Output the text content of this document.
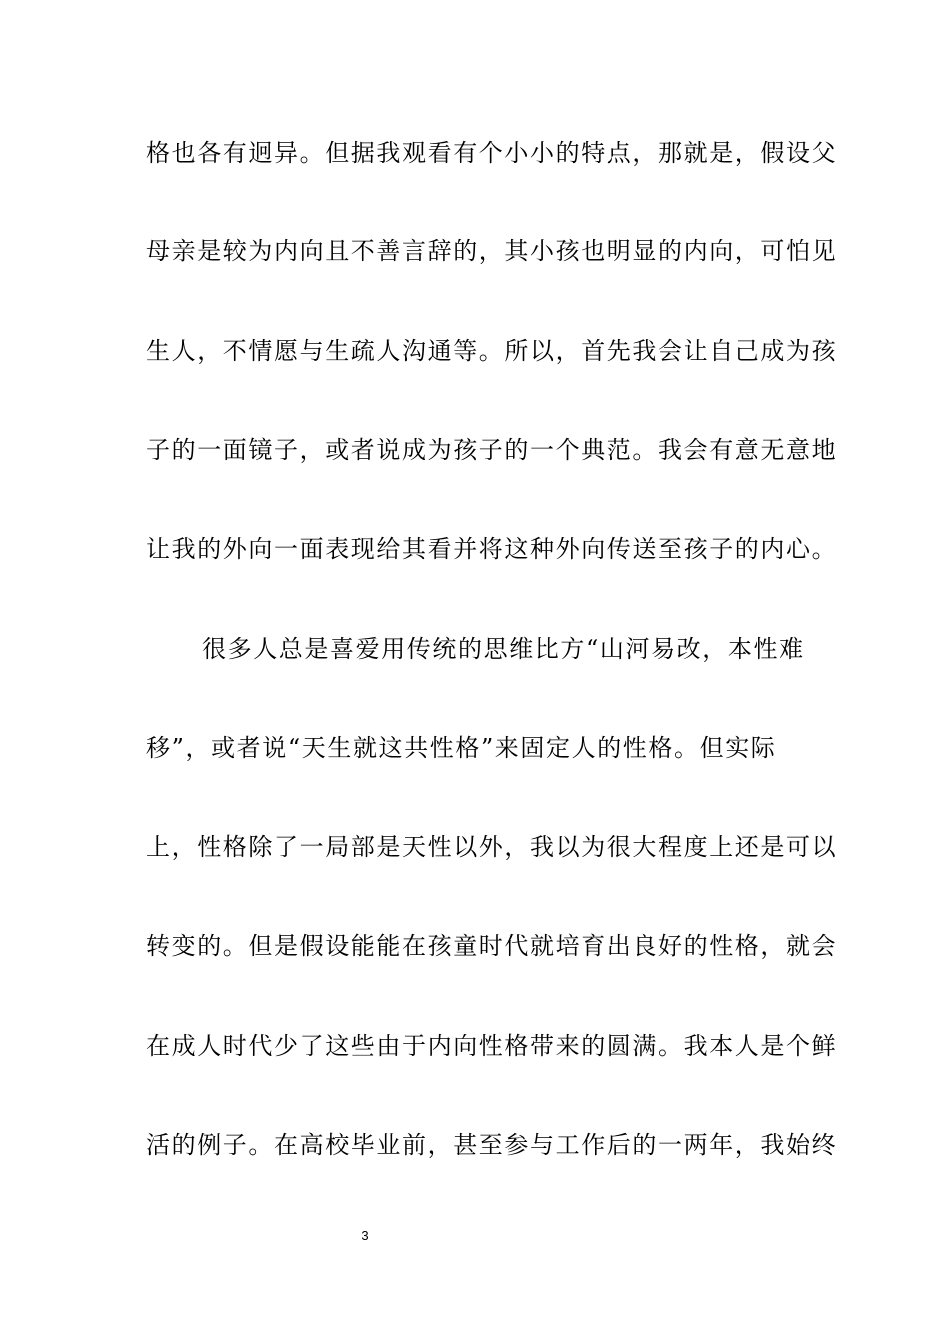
格也各有迥异。但据我观看有个小小的特点，那就是，假设父
母亲是较为内向且不善言辞的，其小孩也明显的内向，可怕见
生人，不情愿与生疏人沟通等。所以，首先我会让自己成为孩
子的一面镜子，或者说成为孩子的一个典范。我会有意无意地
让我的外向一面表现给其看并将这种外向传送至孩子的内心。
很多人总是喜爱用传统的思维比方“山河易改，本性难
移”，或者说“天生就这共性格”来固定人的性格。但实际
上，性格除了一局部是天性以外，我以为很大程度上还是可以
转变的。但是假设能能在孩童时代就培育出良好的性格，就会
在成人时代少了这些由于内向性格带来的圆满。我本人是个鲜
活的例子。在高校毕业前，甚至参与工作后的一两年，我始终
3
